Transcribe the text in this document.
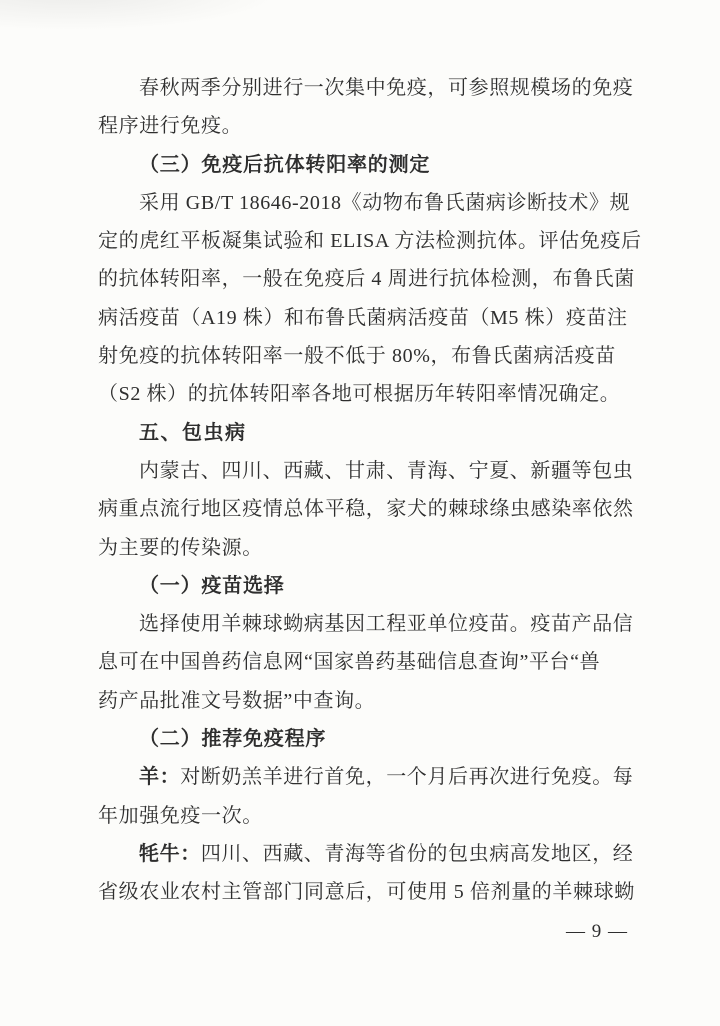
春秋两季分别进行一次集中免疫，可参照规模场的免疫
程序进行免疫。
（三）免疫后抗体转阳率的测定
采用 GB/T 18646-2018《动物布鲁氏菌病诊断技术》规
定的虎红平板凝集试验和 ELISA 方法检测抗体。评估免疫后
的抗体转阳率，一般在免疫后 4 周进行抗体检测，布鲁氏菌
病活疫苗（A19 株）和布鲁氏菌病活疫苗（M5 株）疫苗注
射免疫的抗体转阳率一般不低于 80%，布鲁氏菌病活疫苗
（S2 株）的抗体转阳率各地可根据历年转阳率情况确定。
五、包虫病
内蒙古、四川、西藏、甘肃、青海、宁夏、新疆等包虫
病重点流行地区疫情总体平稳，家犬的棘球绦虫感染率依然
为主要的传染源。
（一）疫苗选择
选择使用羊棘球蚴病基因工程亚单位疫苗。疫苗产品信
息可在中国兽药信息网“国家兽药基础信息查询”平台“兽
药产品批准文号数据”中查询。
（二）推荐免疫程序
羊：对断奶羔羊进行首免，一个月后再次进行免疫。每
年加强免疫一次。
牦牛：四川、西藏、青海等省份的包虫病高发地区，经
省级农业农村主管部门同意后，可使用 5 倍剂量的羊棘球蚴
— 9 —
